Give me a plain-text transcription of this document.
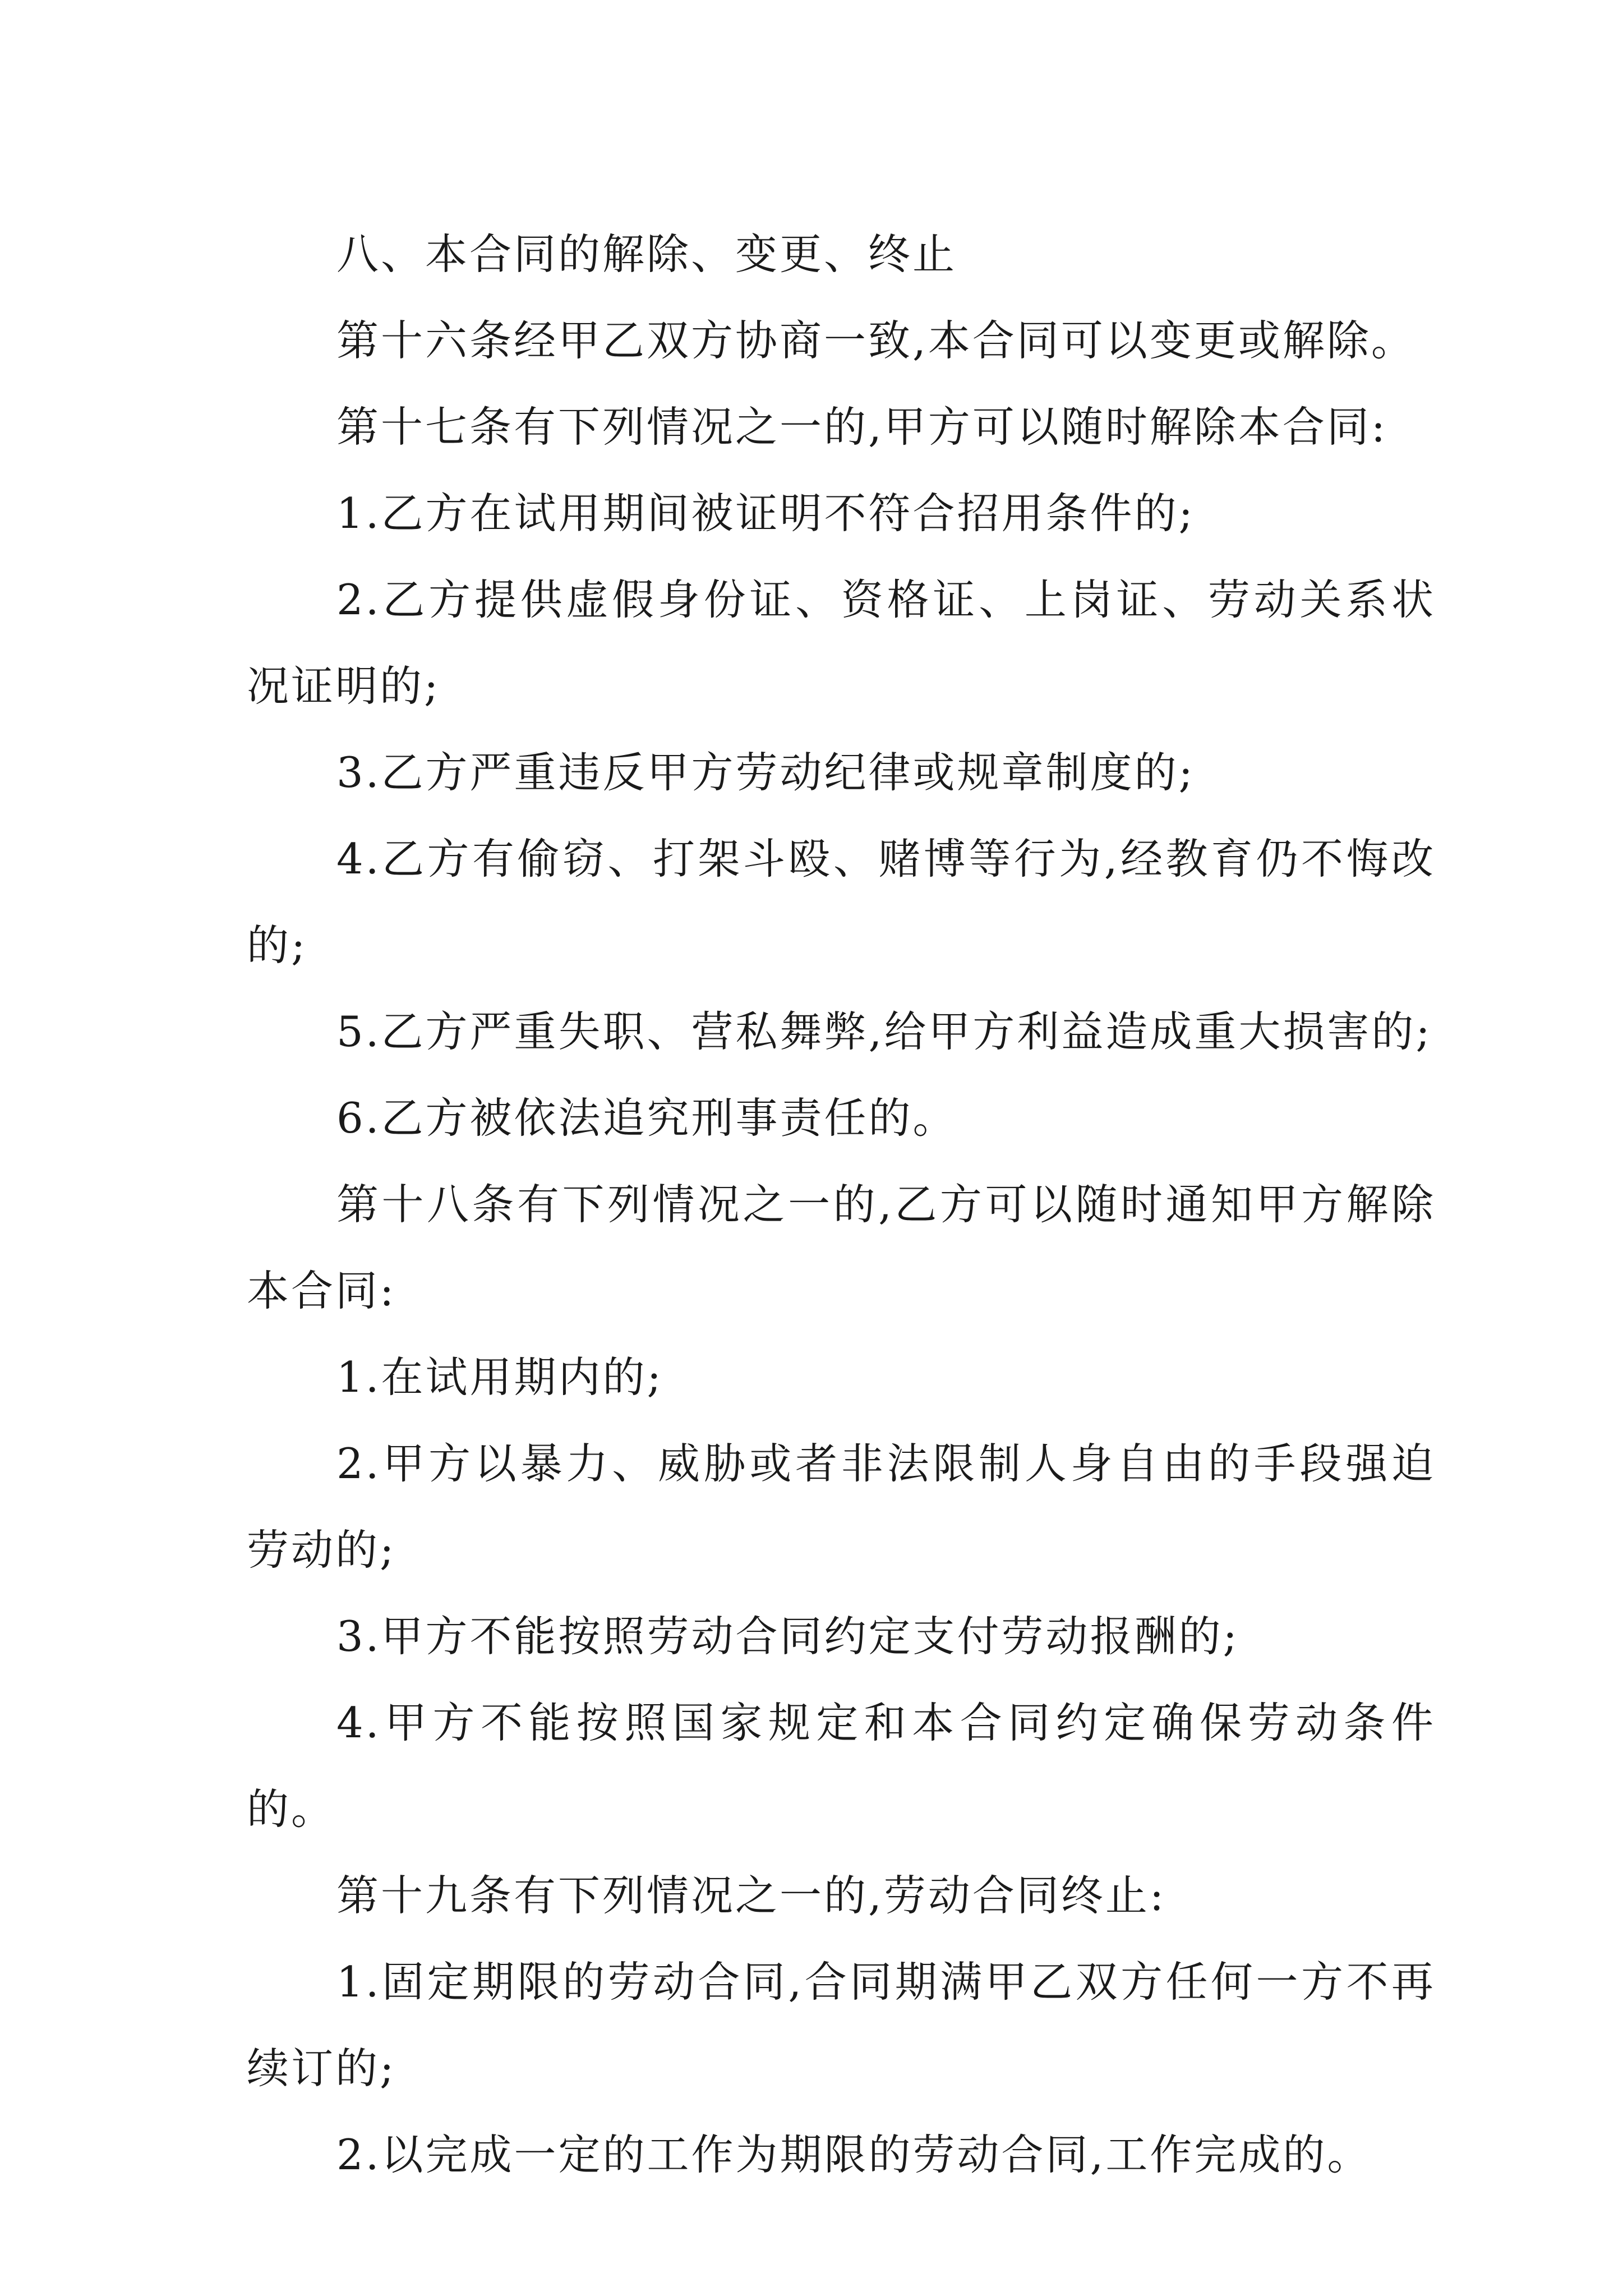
八、本合同的解除、变更、终止

第十六条经甲乙双方协商一致,本合同可以变更或解除。

第十七条有下列情况之一的,甲方可以随时解除本合同:

1.乙方在试用期间被证明不符合招用条件的;

2.乙方提供虚假身份证、资格证、上岗证、劳动关系状况证明的;

3.乙方严重违反甲方劳动纪律或规章制度的;

4.乙方有偷窃、打架斗殴、赌博等行为,经教育仍不悔改的;

5.乙方严重失职、营私舞弊,给甲方利益造成重大损害的;

6.乙方被依法追究刑事责任的。

第十八条有下列情况之一的,乙方可以随时通知甲方解除本合同:

1.在试用期内的;

2.甲方以暴力、威胁或者非法限制人身自由的手段强迫劳动的;

3.甲方不能按照劳动合同约定支付劳动报酬的;

4.甲方不能按照国家规定和本合同约定确保劳动条件的。

第十九条有下列情况之一的,劳动合同终止:

1.固定期限的劳动合同,合同期满甲乙双方任何一方不再续订的;

2.以完成一定的工作为期限的劳动合同,工作完成的。
